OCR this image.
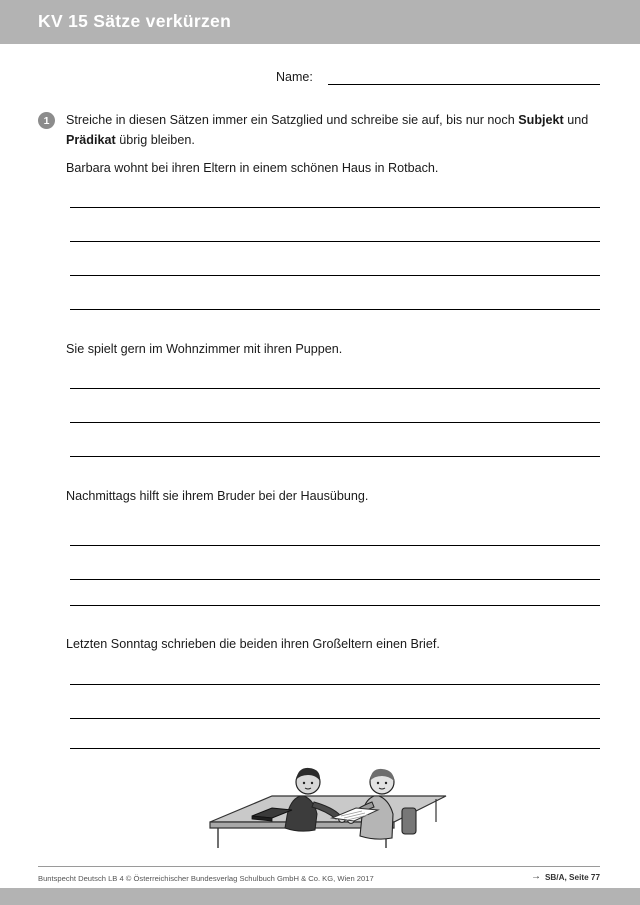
KV 15 Sätze verkürzen
Name:
1	Streiche in diesen Sätzen immer ein Satzglied und schreibe sie auf, bis nur noch Subjekt und Prädikat übrig bleiben.
Barbara wohnt bei ihren Eltern in einem schönen Haus in Rotbach.
Sie spielt gern im Wohnzimmer mit ihren Puppen.
Nachmittags hilft sie ihrem Bruder bei der Hausübung.
Letzten Sonntag schrieben die beiden ihren Großeltern einen Brief.
Buntspecht Deutsch LB 4 © Österreichischer Bundesverlag Schulbuch GmbH & Co. KG, Wien 2017	→ SB/A, Seite 77
